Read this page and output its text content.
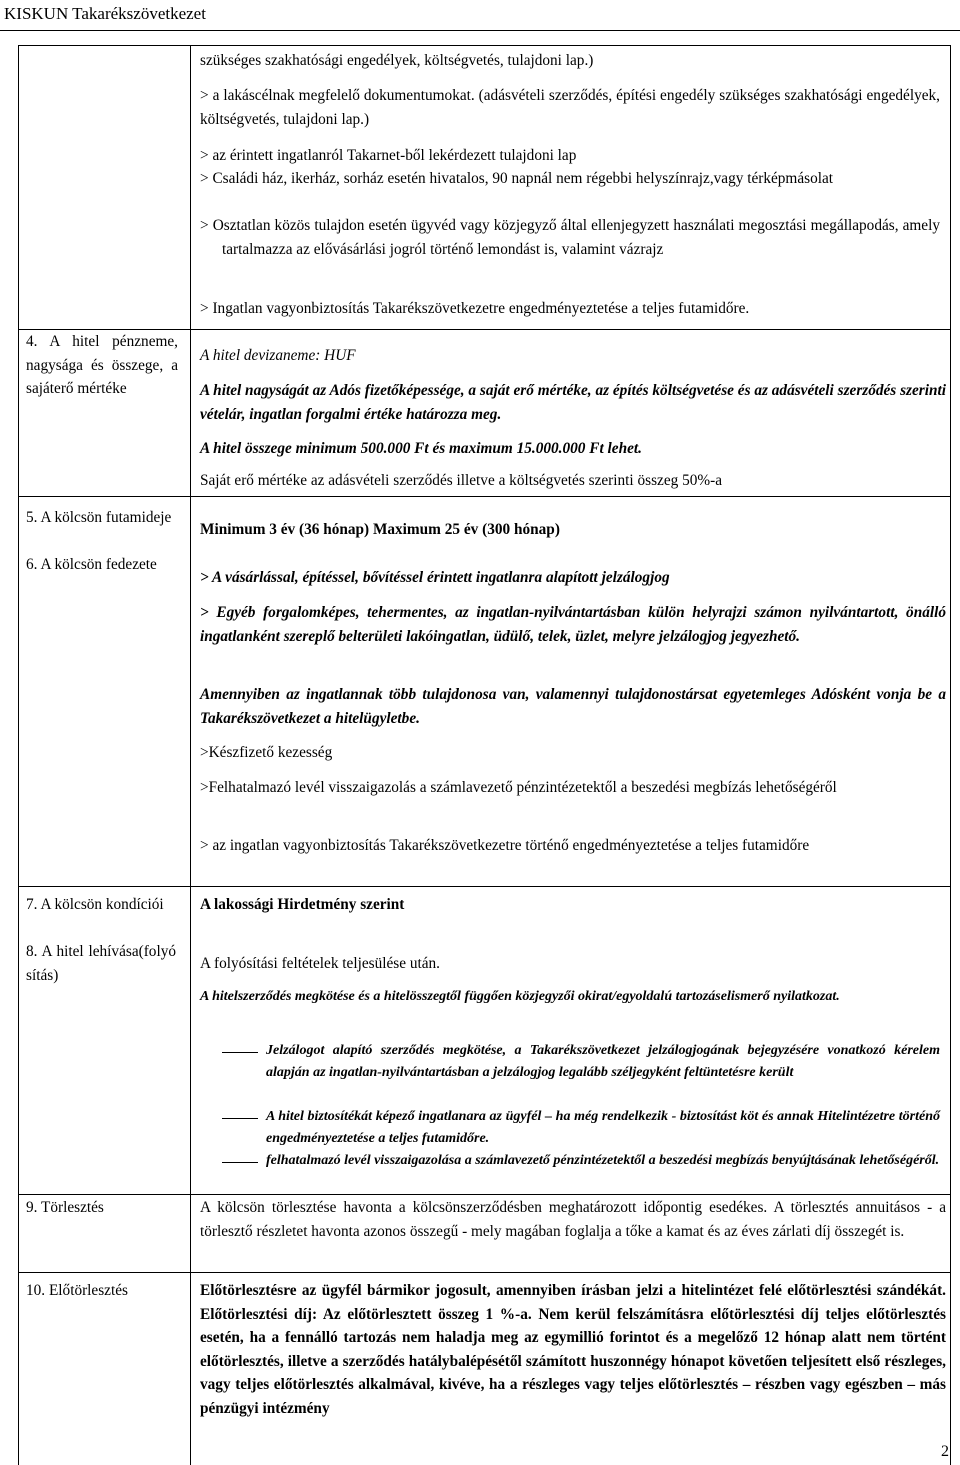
KISKUN Takarékszövetkezet
4. A hitel pénzneme, nagysága és összege, a sajáterő mértéke
5. A kölcsön futamideje
6. A kölcsön fedezete
7. A kölcsön kondíciói
8. A hitel lehívása(folyósítás)
9. Törlesztés
10. Előtörlesztés
szükséges szakhatósági engedélyek, költségvetés, tulajdoni lap.)
> a lakáscélnak megfelelő dokumentumokat. (adásvételi szerződés, építési engedély szükséges szakhatósági engedélyek, költségvetés, tulajdoni lap.)
> az érintett ingatlanról Takarnet-ből lekérdezett tulajdoni lap
> Családi ház, ikerház, sorház esetén hivatalos, 90 napnál nem régebbi helyszínrajz,vagy térképmásolat
> Osztatlan közös tulajdon esetén ügyvéd vagy közjegyző által ellenjegyzett használati megosztási megállapodás, amely tartalmazza az elővásárlási jogról történő lemondást is, valamint vázrajz
> Ingatlan vagyonbiztosítás Takarékszövetkezetre engedményeztetése a teljes futamidőre.
A hitel devizaneme: HUF
A hitel nagyságát az Adós fizetőképessége, a saját erő mértéke, az építés költségvetése és az adásvételi szerződés szerinti vételár, ingatlan forgalmi értéke határozza meg.
A hitel összege minimum 500.000 Ft és maximum 15.000.000 Ft lehet.
Saját erő mértéke az adásvételi szerződés illetve a költségvetés szerinti összeg 50%-a
Minimum 3 év (36 hónap) Maximum 25 év (300 hónap)
> A vásárlással, építéssel, bővítéssel érintett ingatlanra alapított jelzálogjog
> Egyéb forgalomképes, tehermentes, az ingatlan-nyilvántartásban külön helyrajzi számon nyilvántartott, önálló ingatlanként szereplő belterületi lakóingatlan, üdülő, telek, üzlet, melyre jelzálogjog jegyezhető.
Amennyiben az ingatlannak több tulajdonosa van, valamennyi tulajdonostársat egyetemleges Adósként vonja be a Takarékszövetkezet a hitelügyletbe.
>Készfizető kezesség
>Felhatalmazó levél visszaigazolás a számlavezető pénzintézetektől a beszedési megbízás lehetőségéről
> az ingatlan vagyonbiztosítás Takarékszövetkezetre történő engedményeztetése a teljes futamidőre
A lakossági Hirdetmény szerint
A folyósítási feltételek teljesülése után.
A hitelszerződés megkötése és a hitelösszegtől függően közjegyzői okirat/egyoldalú tartozáselismerő nyilatkozat.
Jelzálogot alapító szerződés megkötése, a Takarékszövetkezet jelzálogjogának bejegyzésére vonatkozó kérelem alapján az ingatlan-nyilvántartásban a jelzálogjog legalább széljegyként feltüntetésre került
A hitel biztosítékát képező ingatlanara az ügyfél – ha még rendelkezik - biztosítást köt és annak Hitelintézetre történő engedményeztetése a teljes futamidőre.
felhatalmazó levél visszaigazolása a számlavezető pénzintézetektől a beszedési megbízás benyújtásának lehetőségéről.
A kölcsön törlesztése havonta a kölcsönszerződésben meghatározott időpontig esedékes. A törlesztés annuitásos - a törlesztő részletet havonta azonos összegű - mely magában foglalja a tőke a kamat és az éves zárlati díj összegét is.
Előtörlesztésre az ügyfél bármikor jogosult, amennyiben írásban jelzi a hitelintézet felé előtörlesztési szándékát. Előtörlesztési díj: Az előtörlesztett összeg 1 %-a. Nem kerül felszámításra előtörlesztési díj teljes előtörlesztés esetén, ha a fennálló tartozás nem haladja meg az egymillió forintot és a megelőző 12 hónap alatt nem történt előtörlesztés, illetve a szerződés hatálybalépésétől számított huszonnégy hónapot követően teljesített első részleges, vagy teljes előtörlesztés alkalmával, kivéve, ha a részleges vagy teljes előtörlesztés – részben vagy egészben – más pénzügyi intézmény
2
